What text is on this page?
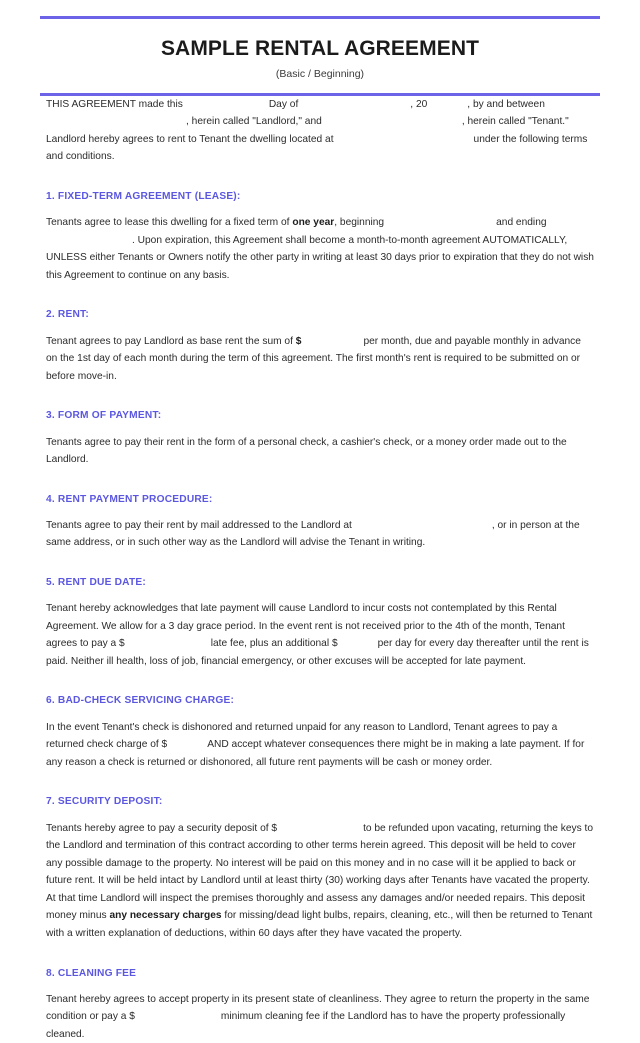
SAMPLE RENTAL AGREEMENT
(Basic / Beginning)

THIS AGREEMENT made this	Day of	, 20	, by and between, herein called "Landlord," and	, herein called "Tenant." Landlord hereby agrees to rent to Tenant the dwelling located at	under the following terms and conditions.

1. FIXED-TERM AGREEMENT (LEASE):

Tenants agree to lease this dwelling for a fixed term of one year, beginning	and ending. Upon expiration, this Agreement shall become a month-to-month agreement AUTOMATICALLY, UNLESS either Tenants or Owners notify the other party in writing at least 30 days prior to expiration that they do not wish this Agreement to continue on any basis.

2. RENT:

Tenant agrees to pay Landlord as base rent the sum of $	per month, due and payable monthly in advance on the 1st day of each month during the term of this agreement. The first month's rent is required to be submitted on or before move-in.

3. FORM OF PAYMENT:

Tenants agree to pay their rent in the form of a personal check, a cashier's check, or a money order made out to the Landlord.

4. RENT PAYMENT PROCEDURE:

Tenants agree to pay their rent by mail addressed to the Landlord at	, or in person at the same address, or in such other way as the Landlord will advise the Tenant in writing.

5. RENT DUE DATE:

Tenant hereby acknowledges that late payment will cause Landlord to incur costs not contemplated by this Rental Agreement. We allow for a 3 day grace period. In the event rent is not received prior to the 4th of the month, Tenant agrees to pay a $	late fee, plus an additional $	per day for every day thereafter until the rent is paid. Neither ill health, loss of job, financial emergency, or other excuses will be accepted for late payment.

6. BAD-CHECK SERVICING CHARGE:

In the event Tenant's check is dishonored and returned unpaid for any reason to Landlord, Tenant agrees to pay a returned check charge of $	AND accept whatever consequences there might be in making a late payment. If for any reason a check is returned or dishonored, all future rent payments will be cash or money order.

7. SECURITY DEPOSIT:

Tenants hereby agree to pay a security deposit of $	to be refunded upon vacating, returning the keys to the Landlord and termination of this contract according to other terms herein agreed. This deposit will be held to cover any possible damage to the property. No interest will be paid on this money and in no case will it be applied to back or future rent. It will be held intact by Landlord until at least thirty (30) working days after Tenants have vacated the property. At that time Landlord will inspect the premises thoroughly and assess any damages and/or needed repairs. This deposit money minus any necessary charges for missing/dead light bulbs, repairs, cleaning, etc., will then be returned to Tenant with a written explanation of deductions, within 60 days after they have vacated the property.

8. CLEANING FEE

Tenant hereby agrees to accept property in its present state of cleanliness. They agree to return the property in the same condition or pay a $	minimum cleaning fee if the Landlord has to have the property professionally cleaned.
